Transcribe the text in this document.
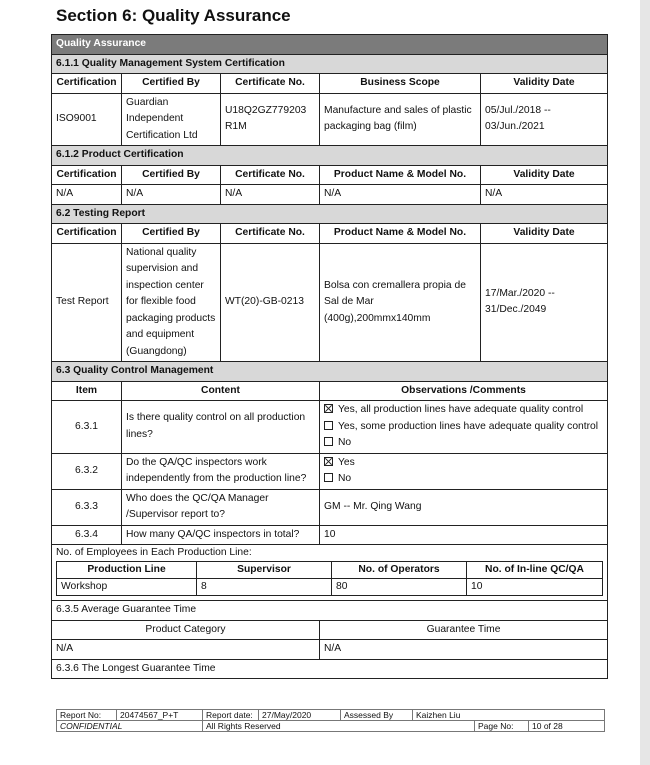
Section 6: Quality Assurance
Quality Assurance
6.1.1 Quality Management System Certification
Certification	Certified By	Certificate No.	Business Scope	Validity Date
ISO9001	Guardian Independent Certification Ltd	U18Q2GZ779203 R1M	Manufacture and sales of plastic packaging bag (film)	05/Jul./2018 -- 03/Jun./2021
6.1.2 Product Certification
Certification	Certified By	Certificate No.	Product Name & Model No.	Validity Date
N/A	N/A	N/A	N/A	N/A
6.2 Testing Report
Certification	Certified By	Certificate No.	Product Name & Model No.	Validity Date
Test Report	National quality supervision and inspection center for flexible food packaging products and equipment (Guangdong)	WT(20)-GB-0213	Bolsa con cremallera propia de Sal de Mar (400g),200mmx140mm	17/Mar./2020 -- 31/Dec./2049
6.3 Quality Control Management
Item	Content	Observations /Comments
6.3.1	Is there quality control on all production lines?	
Yes, all production lines have adequate quality control
Yes, some production lines have adequate quality control
No

6.3.2	Do the QA/QC inspectors work independently from the production line?	
Yes
No

6.3.3	Who does the QC/QA Manager /Supervisor report to?	GM -- Mr. Qing Wang
6.3.4	How many QA/QC inspectors in total?	10

No. of Employees in Each Production Line:
Production Line	Supervisor	No. of Operators	No. of In-line QC/QA
Workshop	8	80	10

6.3.5 Average Guarantee Time
Product Category	Guarantee Time
N/A	N/A
6.3.6 The Longest Guarantee Time
Report No:	20474567_P+T	Report date:	27/May/2020	Assessed By	Kaizhen Liu		
CONFIDENTIAL		All Rights Reserved				Page No:	10 of 28
